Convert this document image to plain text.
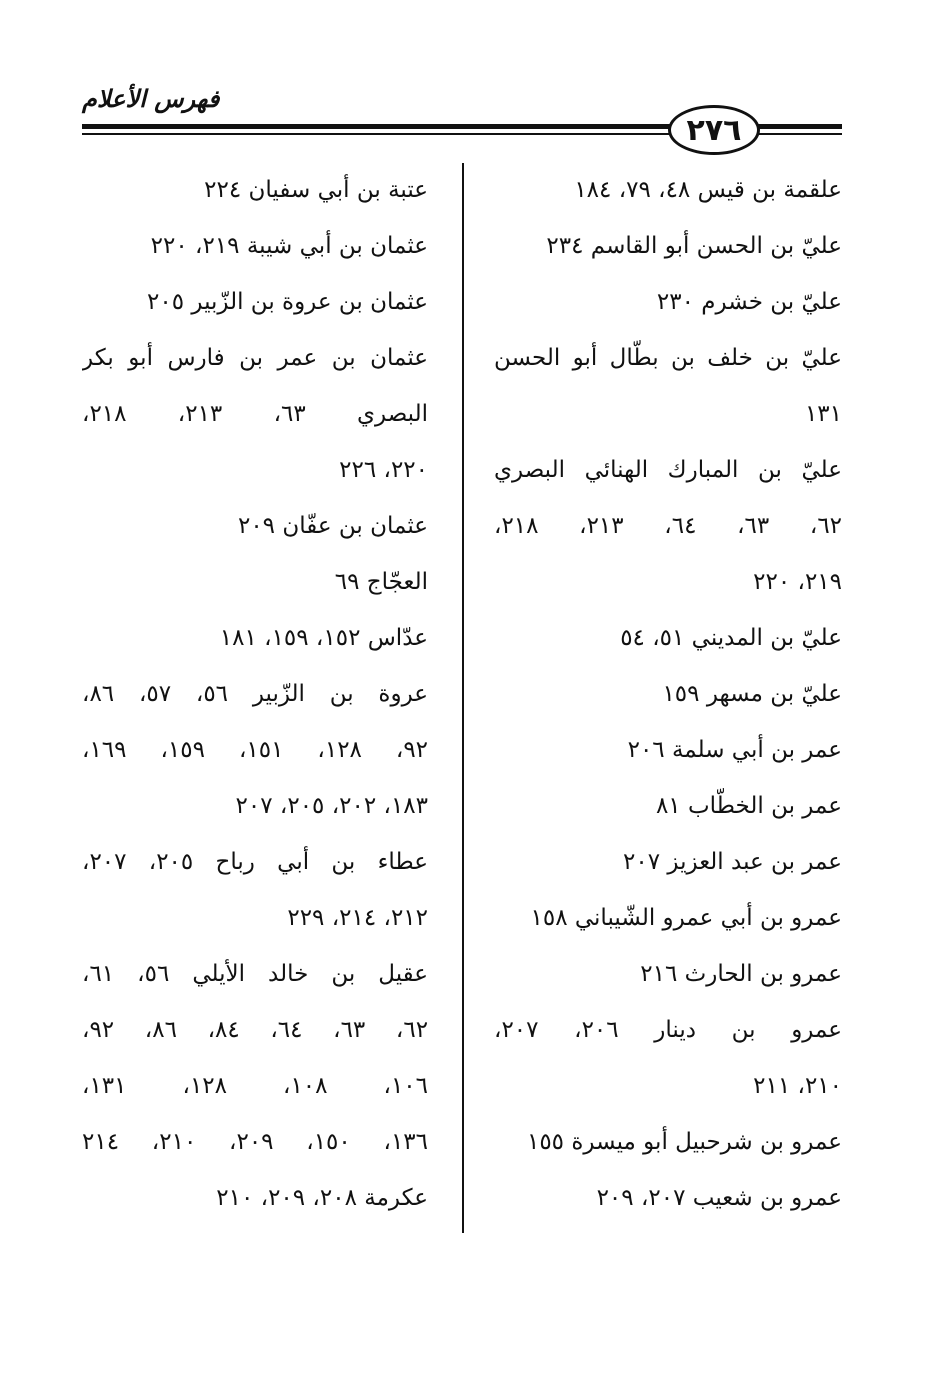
فهرس الأعلام
٢٧٦
علقمة بن قيس ٤٨، ٧٩، ١٨٤
عليّ بن الحسن أبو القاسم ٢٣٤
عليّ بن خشرم ٢٣٠
عليّ بن خلف بن بطّال أبو الحسن
١٣١
عليّ بن المبارك الهنائي البصري
٦٢، ٦٣، ٦٤، ٢١٣، ٢١٨،
٢١٩، ٢٢٠
عليّ بن المديني ٥١، ٥٤
عليّ بن مسهر ١٥٩
عمر بن أبي سلمة ٢٠٦
عمر بن الخطّاب ٨١
عمر بن عبد العزيز ٢٠٧
عمرو بن أبي عمرو الشّيباني ١٥٨
عمرو بن الحارث ٢١٦
عمرو بن دينار ٢٠٦، ٢٠٧،
٢١٠، ٢١١
عمرو بن شرحبيل أبو ميسرة ١٥٥
عمرو بن شعيب ٢٠٧، ٢٠٩
عتبة بن أبي سفيان ٢٢٤
عثمان بن أبي شيبة ٢١٩، ٢٢٠
عثمان بن عروة بن الزّبير ٢٠٥
عثمان بن عمر بن فارس أبو بكر
البصري ٦٣، ٢١٣، ٢١٨،
٢٢٠، ٢٢٦
عثمان بن عفّان ٢٠٩
العجّاج ٦٩
عدّاس ١٥٢، ١٥٩، ١٨١
عروة بن الزّبير ٥٦، ٥٧، ٨٦،
٩٢، ١٢٨، ١٥١، ١٥٩، ١٦٩،
١٨٣، ٢٠٢، ٢٠٥، ٢٠٧
عطاء بن أبي رباح ٢٠٥، ٢٠٧،
٢١٢، ٢١٤، ٢٢٩
عقيل بن خالد الأيلي ٥٦، ٦١،
٦٢، ٦٣، ٦٤، ٨٤، ٨٦، ٩٢،
١٠٦، ١٠٨، ١٢٨، ١٣١،
١٣٦، ١٥٠، ٢٠٩، ٢١٠، ٢١٤
عكرمة ٢٠٨، ٢٠٩، ٢١٠
